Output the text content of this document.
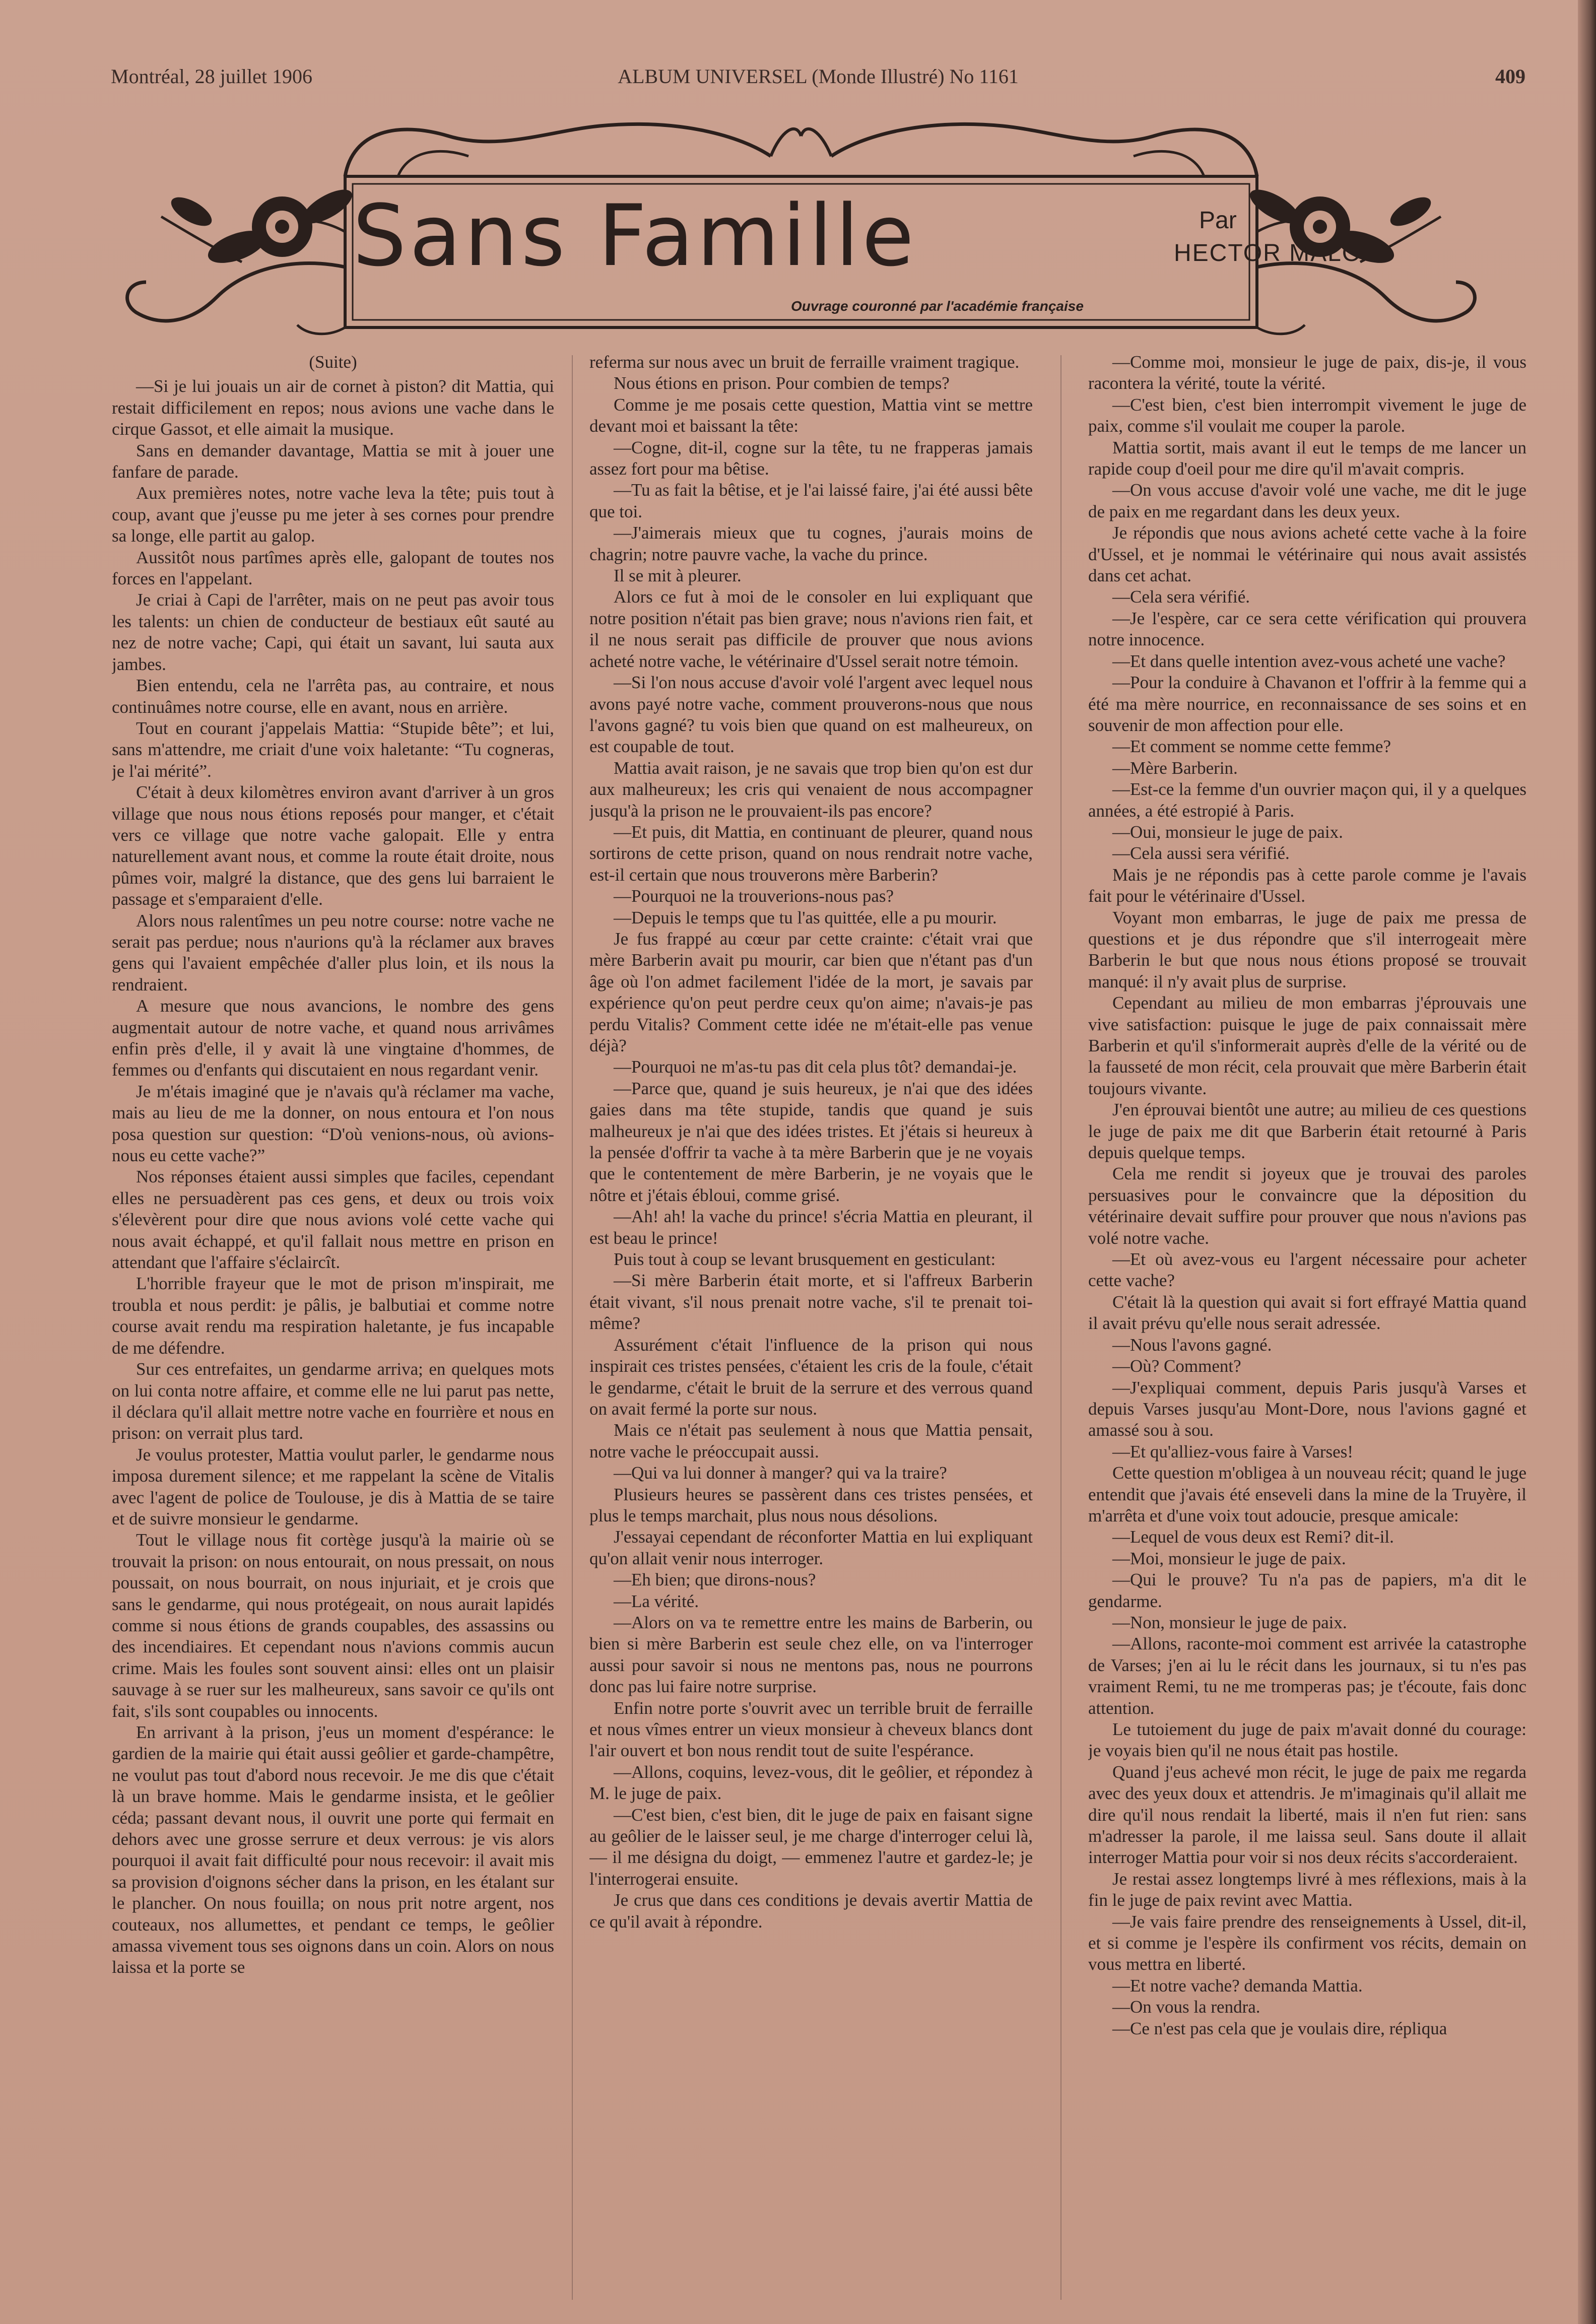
Montréal, 28 juillet 1906	ALBUM UNIVERSEL (Monde Illustré) No 1161	409
Sans Famille	Par
HECTOR MALOT
Ouvrage couronné par l'académie française

(Suite)

—Si je lui jouais un air de cornet à piston? dit Mattia, qui restait difficilement en repos; nous avions une vache dans le cirque Gassot, et elle aimait la musique.

Sans en demander davantage, Mattia se mit à jouer une fanfare de parade.

Aux premières notes, notre vache leva la tête; puis tout à coup, avant que j'eusse pu me jeter à ses cornes pour prendre sa longe, elle partit au galop.

Aussitôt nous partîmes après elle, galopant de toutes nos forces en l'appelant.

Je criai à Capi de l'arrêter, mais on ne peut pas avoir tous les talents: un chien de conducteur de bestiaux eût sauté au nez de notre vache; Capi, qui était un savant, lui sauta aux jambes.

Bien entendu, cela ne l'arrêta pas, au contraire, et nous continuâmes notre course, elle en avant, nous en arrière.

Tout en courant j'appelais Mattia: “Stupide bête”; et lui, sans m'attendre, me criait d'une voix haletante: “Tu cogneras, je l'ai mérité”.

C'était à deux kilomètres environ avant d'arriver à un gros village que nous nous étions reposés pour manger, et c'était vers ce village que notre vache galopait. Elle y entra naturellement avant nous, et comme la route était droite, nous pûmes voir, malgré la distance, que des gens lui barraient le passage et s'emparaient d'elle.

Alors nous ralentîmes un peu notre course: notre vache ne serait pas perdue; nous n'aurions qu'à la réclamer aux braves gens qui l'avaient empêchée d'aller plus loin, et ils nous la rendraient.

A mesure que nous avancions, le nombre des gens augmentait autour de notre vache, et quand nous arrivâmes enfin près d'elle, il y avait là une vingtaine d'hommes, de femmes ou d'enfants qui discutaient en nous regardant venir.

Je m'étais imaginé que je n'avais qu'à réclamer ma vache, mais au lieu de me la donner, on nous entoura et l'on nous posa question sur question: “D'où venions-nous, où avions-nous eu cette vache?”

Nos réponses étaient aussi simples que faciles, cependant elles ne persuadèrent pas ces gens, et deux ou trois voix s'élevèrent pour dire que nous avions volé cette vache qui nous avait échappé, et qu'il fallait nous mettre en prison en attendant que l'affaire s'éclaircît.

L'horrible frayeur que le mot de prison m'inspirait, me troubla et nous perdit: je pâlis, je balbutiai et comme notre course avait rendu ma respiration haletante, je fus incapable de me défendre.

Sur ces entrefaites, un gendarme arriva; en quelques mots on lui conta notre affaire, et comme elle ne lui parut pas nette, il déclara qu'il allait mettre notre vache en fourrière et nous en prison: on verrait plus tard.

Je voulus protester, Mattia voulut parler, le gendarme nous imposa durement silence; et me rappelant la scène de Vitalis avec l'agent de police de Toulouse, je dis à Mattia de se taire et de suivre monsieur le gendarme.

Tout le village nous fit cortège jusqu'à la mairie où se trouvait la prison: on nous entourait, on nous pressait, on nous poussait, on nous bourrait, on nous injuriait, et je crois que sans le gendarme, qui nous protégeait, on nous aurait lapidés comme si nous étions de grands coupables, des assassins ou des incendiaires. Et cependant nous n'avions commis aucun crime. Mais les foules sont souvent ainsi: elles ont un plaisir sauvage à se ruer sur les malheureux, sans savoir ce qu'ils ont fait, s'ils sont coupables ou innocents.

En arrivant à la prison, j'eus un moment d'espérance: le gardien de la mairie qui était aussi geôlier et garde-champêtre, ne voulut pas tout d'abord nous recevoir. Je me dis que c'était là un brave homme. Mais le gendarme insista, et le geôlier céda; passant devant nous, il ouvrit une porte qui fermait en dehors avec une grosse serrure et deux verrous: je vis alors pourquoi il avait fait difficulté pour nous recevoir: il avait mis sa provision d'oignons sécher dans la prison, en les étalant sur le plancher. On nous fouilla; on nous prit notre argent, nos couteaux, nos allumettes, et pendant ce temps, le geôlier amassa vivement tous ses oignons dans un coin. Alors on nous laissa et la porte se

referma sur nous avec un bruit de ferraille vraiment tragique.

Nous étions en prison. Pour combien de temps?

Comme je me posais cette question, Mattia vint se mettre devant moi et baissant la tête:

—Cogne, dit-il, cogne sur la tête, tu ne frapperas jamais assez fort pour ma bêtise.

—Tu as fait la bêtise, et je l'ai laissé faire, j'ai été aussi bête que toi.

—J'aimerais mieux que tu cognes, j'aurais moins de chagrin; notre pauvre vache, la vache du prince.

Il se mit à pleurer.

Alors ce fut à moi de le consoler en lui expliquant que notre position n'était pas bien grave; nous n'avions rien fait, et il ne nous serait pas difficile de prouver que nous avions acheté notre vache, le vétérinaire d'Ussel serait notre témoin.

—Si l'on nous accuse d'avoir volé l'argent avec lequel nous avons payé notre vache, comment prouverons-nous que nous l'avons gagné? tu vois bien que quand on est malheureux, on est coupable de tout.

Mattia avait raison, je ne savais que trop bien qu'on est dur aux malheureux; les cris qui venaient de nous accompagner jusqu'à la prison ne le prouvaient-ils pas encore?

—Et puis, dit Mattia, en continuant de pleurer, quand nous sortirons de cette prison, quand on nous rendrait notre vache, est-il certain que nous trouverons mère Barberin?

—Pourquoi ne la trouverions-nous pas?

—Depuis le temps que tu l'as quittée, elle a pu mourir.

Je fus frappé au cœur par cette crainte: c'était vrai que mère Barberin avait pu mourir, car bien que n'étant pas d'un âge où l'on admet facilement l'idée de la mort, je savais par expérience qu'on peut perdre ceux qu'on aime; n'avais-je pas perdu Vitalis? Comment cette idée ne m'était-elle pas venue déjà?

—Pourquoi ne m'as-tu pas dit cela plus tôt? demandai-je.

—Parce que, quand je suis heureux, je n'ai que des idées gaies dans ma tête stupide, tandis que quand je suis malheureux je n'ai que des idées tristes. Et j'étais si heureux à la pensée d'offrir ta vache à ta mère Barberin que je ne voyais que le contentement de mère Barberin, je ne voyais que le nôtre et j'étais ébloui, comme grisé.

—Ah! ah! la vache du prince! s'écria Mattia en pleurant, il est beau le prince!

Puis tout à coup se levant brusquement en gesticulant:

—Si mère Barberin était morte, et si l'affreux Barberin était vivant, s'il nous prenait notre vache, s'il te prenait toi-même?

Assurément c'était l'influence de la prison qui nous inspirait ces tristes pensées, c'étaient les cris de la foule, c'était le gendarme, c'était le bruit de la serrure et des verrous quand on avait fermé la porte sur nous.

Mais ce n'était pas seulement à nous que Mattia pensait, notre vache le préoccupait aussi.

—Qui va lui donner à manger? qui va la traire?

Plusieurs heures se passèrent dans ces tristes pensées, et plus le temps marchait, plus nous nous désolions.

J'essayai cependant de réconforter Mattia en lui expliquant qu'on allait venir nous interroger.

—Eh bien; que dirons-nous?

—La vérité.

—Alors on va te remettre entre les mains de Barberin, ou bien si mère Barberin est seule chez elle, on va l'interroger aussi pour savoir si nous ne mentons pas, nous ne pourrons donc pas lui faire notre surprise.

Enfin notre porte s'ouvrit avec un terrible bruit de ferraille et nous vîmes entrer un vieux monsieur à cheveux blancs dont l'air ouvert et bon nous rendit tout de suite l'espérance.

—Allons, coquins, levez-vous, dit le geôlier, et répondez à M. le juge de paix.

—C'est bien, c'est bien, dit le juge de paix en faisant signe au geôlier de le laisser seul, je me charge d'interroger celui là, — il me désigna du doigt, — emmenez l'autre et gardez-le; je l'interrogerai ensuite.

Je crus que dans ces conditions je devais avertir Mattia de ce qu'il avait à répondre.

—Comme moi, monsieur le juge de paix, dis-je, il vous racontera la vérité, toute la vérité.

—C'est bien, c'est bien interrompit vivement le juge de paix, comme s'il voulait me couper la parole.

Mattia sortit, mais avant il eut le temps de me lancer un rapide coup d'oeil pour me dire qu'il m'avait compris.

—On vous accuse d'avoir volé une vache, me dit le juge de paix en me regardant dans les deux yeux.

Je répondis que nous avions acheté cette vache à la foire d'Ussel, et je nommai le vétérinaire qui nous avait assistés dans cet achat.

—Cela sera vérifié.

—Je l'espère, car ce sera cette vérification qui prouvera notre innocence.

—Et dans quelle intention avez-vous acheté une vache?

—Pour la conduire à Chavanon et l'offrir à la femme qui a été ma mère nourrice, en reconnaissance de ses soins et en souvenir de mon affection pour elle.

—Et comment se nomme cette femme?

—Mère Barberin.

—Est-ce la femme d'un ouvrier maçon qui, il y a quelques années, a été estropié à Paris.

—Oui, monsieur le juge de paix.

—Cela aussi sera vérifié.

Mais je ne répondis pas à cette parole comme je l'avais fait pour le vétérinaire d'Ussel.

Voyant mon embarras, le juge de paix me pressa de questions et je dus répondre que s'il interrogeait mère Barberin le but que nous nous étions proposé se trouvait manqué: il n'y avait plus de surprise.

Cependant au milieu de mon embarras j'éprouvais une vive satisfaction: puisque le juge de paix connaissait mère Barberin et qu'il s'informerait auprès d'elle de la vérité ou de la fausseté de mon récit, cela prouvait que mère Barberin était toujours vivante.

J'en éprouvai bientôt une autre; au milieu de ces questions le juge de paix me dit que Barberin était retourné à Paris depuis quelque temps.

Cela me rendit si joyeux que je trouvai des paroles persuasives pour le convaincre que la déposition du vétérinaire devait suffire pour prouver que nous n'avions pas volé notre vache.

—Et où avez-vous eu l'argent nécessaire pour acheter cette vache?

C'était là la question qui avait si fort effrayé Mattia quand il avait prévu qu'elle nous serait adressée.

—Nous l'avons gagné.

—Où? Comment?

—J'expliquai comment, depuis Paris jusqu'à Varses et depuis Varses jusqu'au Mont-Dore, nous l'avions gagné et amassé sou à sou.

—Et qu'alliez-vous faire à Varses!

Cette question m'obligea à un nouveau récit; quand le juge entendit que j'avais été enseveli dans la mine de la Truyère, il m'arrêta et d'une voix tout adoucie, presque amicale:

—Lequel de vous deux est Remi? dit-il.

—Moi, monsieur le juge de paix.

—Qui le prouve? Tu n'a pas de papiers, m'a dit le gendarme.

—Non, monsieur le juge de paix.

—Allons, raconte-moi comment est arrivée la catastrophe de Varses; j'en ai lu le récit dans les journaux, si tu n'es pas vraiment Remi, tu ne me tromperas pas; je t'écoute, fais donc attention.

Le tutoiement du juge de paix m'avait donné du courage: je voyais bien qu'il ne nous était pas hostile.

Quand j'eus achevé mon récit, le juge de paix me regarda avec des yeux doux et attendris. Je m'imaginais qu'il allait me dire qu'il nous rendait la liberté, mais il n'en fut rien: sans m'adresser la parole, il me laissa seul. Sans doute il allait interroger Mattia pour voir si nos deux récits s'accorderaient.

Je restai assez longtemps livré à mes réflexions, mais à la fin le juge de paix revint avec Mattia.

—Je vais faire prendre des renseignements à Ussel, dit-il, et si comme je l'espère ils confirment vos récits, demain on vous mettra en liberté.

—Et notre vache? demanda Mattia.

—On vous la rendra.

—Ce n'est pas cela que je voulais dire, répliqua
